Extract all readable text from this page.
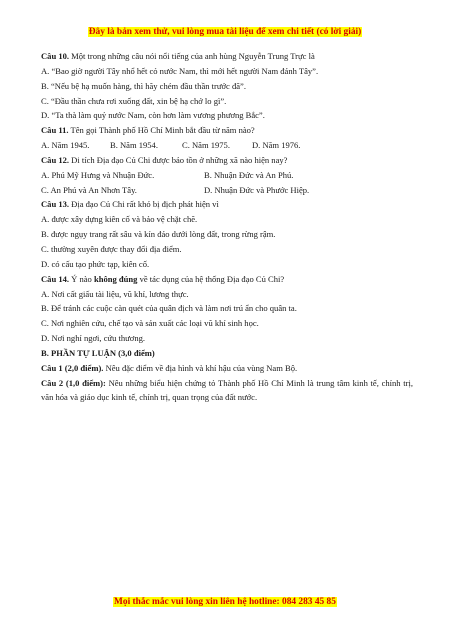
Đây là bản xem thử, vui lòng mua tài liệu để xem chi tiết (có lời giải)
Câu 10. Một trong những câu nói nổi tiếng của anh hùng Nguyễn Trung Trực là
A. “Bao giờ người Tây nhổ hết cỏ nước Nam, thì mới hết người Nam đánh Tây”.
B. “Nếu bệ hạ muốn hàng, thì hãy chém đầu thần trước đã”.
C. “Đầu thần chưa rơi xuống đất, xin bệ hạ chớ lo gì”.
D. “Ta thà làm quỷ nước Nam, còn hơn làm vương phương Bắc”.
Câu 11. Tên gọi Thành phố Hồ Chí Minh bắt đầu từ năm nào?
A. Năm 1945.	B. Năm 1954.	C. Năm 1975.	D. Năm 1976.
Câu 12. Di tích Địa đạo Củ Chi được bảo tồn ở những xã nào hiện nay?
A. Phú Mỹ Hưng và Nhuận Đức.	B. Nhuận Đức và An Phú.
C. An Phú và An Nhơn Tây.	D. Nhuận Đức và Phước Hiệp.
Câu 13. Địa đạo Củ Chi rất khó bị địch phát hiện vì
A. được xây dựng kiên cố và bảo vệ chặt chẽ.
B. được ngụy trang rất sâu và kín đáo dưới lòng đất, trong rừng rậm.
C. thường xuyên được thay đổi địa điểm.
D. có cấu tạo phức tạp, kiên cố.
Câu 14. Ý nào không đúng về tác dụng của hệ thống Địa đạo Củ Chi?
A. Nơi cất giấu tài liệu, vũ khí, lương thực.
B. Để tránh các cuộc càn quét của quân địch và làm nơi trú ẩn cho quân ta.
C. Nơi nghiên cứu, chế tạo và sản xuất các loại vũ khí sinh học.
D. Nơi nghỉ ngơi, cứu thương.
B. PHẦN TỰ LUẬN (3,0 điểm)
Câu 1 (2,0 điểm). Nêu đặc điểm về địa hình và khí hậu của vùng Nam Bộ.
Câu 2 (1,0 điểm): Nêu những biểu hiện chứng tỏ Thành phố Hồ Chí Minh là trung tâm kinh tế, chính trị, văn hóa và giáo dục kinh tế, chính trị, quan trọng của đất nước.
Mọi thắc mắc vui lòng xin liên hệ hotline: 084 283 45 85
